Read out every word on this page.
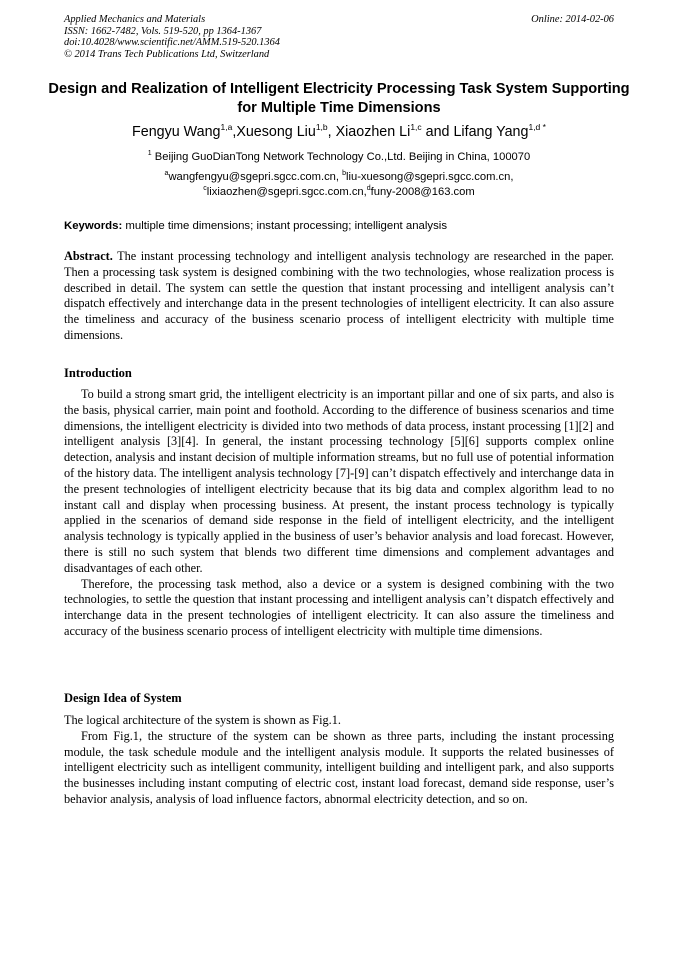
Applied Mechanics and Materials
ISSN: 1662-7482, Vols. 519-520, pp 1364-1367
doi:10.4028/www.scientific.net/AMM.519-520.1364
© 2014 Trans Tech Publications Ltd, Switzerland
Online: 2014-02-06
Design and Realization of Intelligent Electricity Processing Task System Supporting for Multiple Time Dimensions
Fengyu Wang$^{1,a}$,Xuesong Liu$^{1,b}$, Xiaozhen Li$^{1,c}$ and Lifang Yang$^{1,d *}$
$^1$ Beijing GuoDianTong Network Technology Co.,Ltd. Beijing in China, 100070
$^a$wangfengyu@sgepri.sgcc.com.cn, $^b$liu-xuesong@sgepri.sgcc.com.cn,
$^c$lixiaozhen@sgepri.sgcc.com.cn,$^d$funy-2008@163.com
Keywords: multiple time dimensions; instant processing; intelligent analysis
Abstract. The instant processing technology and intelligent analysis technology are researched in the paper. Then a processing task system is designed combining with the two technologies, whose realization process is described in detail. The system can settle the question that instant processing and intelligent analysis can’t dispatch effectively and interchange data in the present technologies of intelligent electricity. It can also assure the timeliness and accuracy of the business scenario process of intelligent electricity with multiple time dimensions.
Introduction

To build a strong smart grid, the intelligent electricity is an important pillar and one of six parts, and also is the basis, physical carrier, main point and foothold. According to the difference of business scenarios and time dimensions, the intelligent electricity is divided into two methods of data process, instant processing [1][2] and intelligent analysis [3][4]. In general, the instant processing technology [5][6] supports complex online detection, analysis and instant decision of multiple information streams, but no full use of potential information of the history data. The intelligent analysis technology [7]-[9] can’t dispatch effectively and interchange data in the present technologies of intelligent electricity because that its big data and complex algorithm lead to no instant call and display when processing business. At present, the instant process technology is typically applied in the scenarios of demand side response in the field of intelligent electricity, and the intelligent analysis technology is typically applied in the business of user’s behavior analysis and load forecast. However, there is still no such system that blends two different time dimensions and complement advantages and disadvantages of each other.

Therefore, the processing task method, also a device or a system is designed combining with the two technologies, to settle the question that instant processing and intelligent analysis can’t dispatch effectively and interchange data in the present technologies of intelligent electricity. It can also assure the timeliness and accuracy of the business scenario process of intelligent electricity with multiple time dimensions.

Design Idea of System

The logical architecture of the system is shown as Fig.1.

From Fig.1, the structure of the system can be shown as three parts, including the instant processing module, the task schedule module and the intelligent analysis module. It supports the related businesses of intelligent electricity such as intelligent community, intelligent building and intelligent park, and also supports the businesses including instant computing of electric cost, instant load forecast, demand side response, user’s behavior analysis, analysis of load influence factors, abnormal electricity detection, and so on.
